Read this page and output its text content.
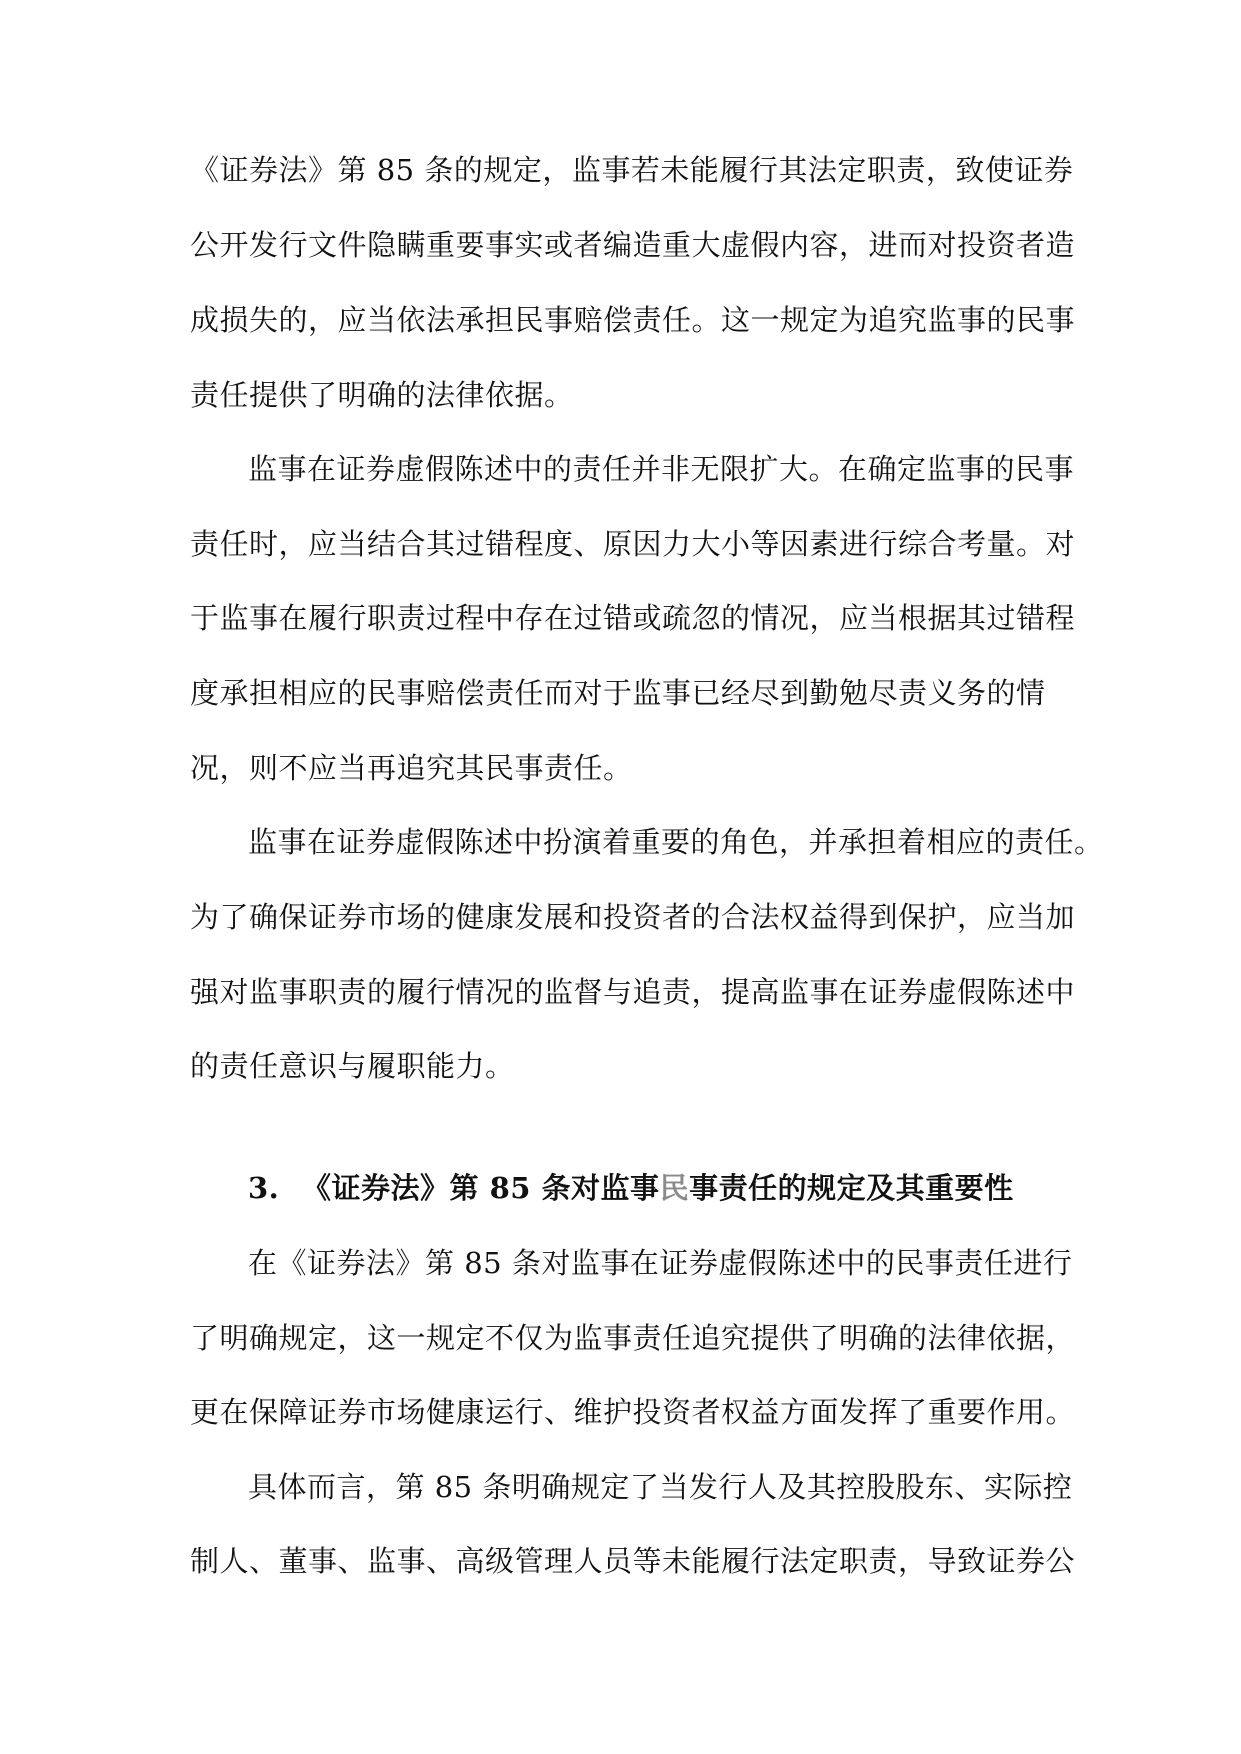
《证券法》第 85 条的规定，监事若未能履行其法定职责，致使证券

公开发行文件隐瞒重要事实或者编造重大虚假内容，进而对投资者造

成损失的，应当依法承担民事赔偿责任。这一规定为追究监事的民事

责任提供了明确的法律依据。

监事在证券虚假陈述中的责任并非无限扩大。在确定监事的民事

责任时，应当结合其过错程度、原因力大小等因素进行综合考量。对

于监事在履行职责过程中存在过错或疏忽的情况，应当根据其过错程

度承担相应的民事赔偿责任而对于监事已经尽到勤勉尽责义务的情

况，则不应当再追究其民事责任。

监事在证券虚假陈述中扮演着重要的角色，并承担着相应的责任。

为了确保证券市场的健康发展和投资者的合法权益得到保护，应当加

强对监事职责的履行情况的监督与追责，提高监事在证券虚假陈述中

的责任意识与履职能力。

3. 《证券法》第 85 条对监事民事责任的规定及其重要性

在《证券法》第 85 条对监事在证券虚假陈述中的民事责任进行

了明确规定，这一规定不仅为监事责任追究提供了明确的法律依据，

更在保障证券市场健康运行、维护投资者权益方面发挥了重要作用。

具体而言，第 85 条明确规定了当发行人及其控股股东、实际控

制人、董事、监事、高级管理人员等未能履行法定职责，导致证券公
